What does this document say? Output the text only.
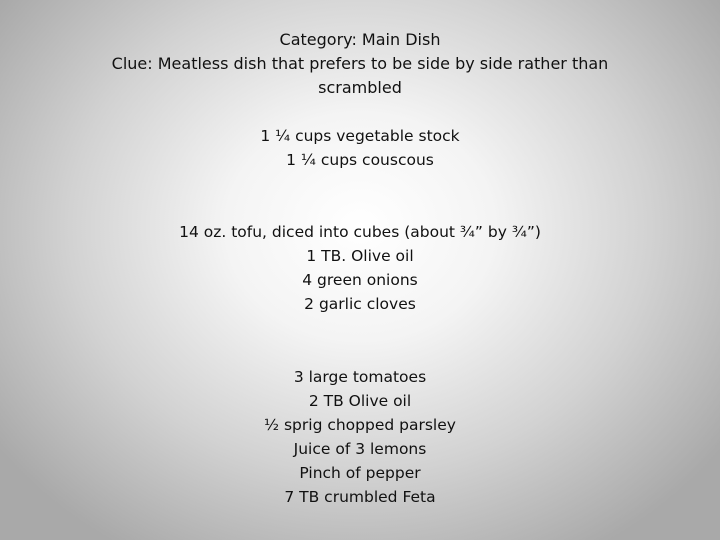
Category: Main Dish
Clue: Meatless dish that prefers to be side by side rather than scrambled
1 ¼ cups vegetable stock
1 ¼ cups couscous
14 oz. tofu, diced into cubes (about ¾” by ¾”)
1 TB. Olive oil
4 green onions
2 garlic cloves
3 large tomatoes
2 TB Olive oil
½ sprig chopped parsley
Juice of 3 lemons
Pinch of pepper
7 TB crumbled Feta
